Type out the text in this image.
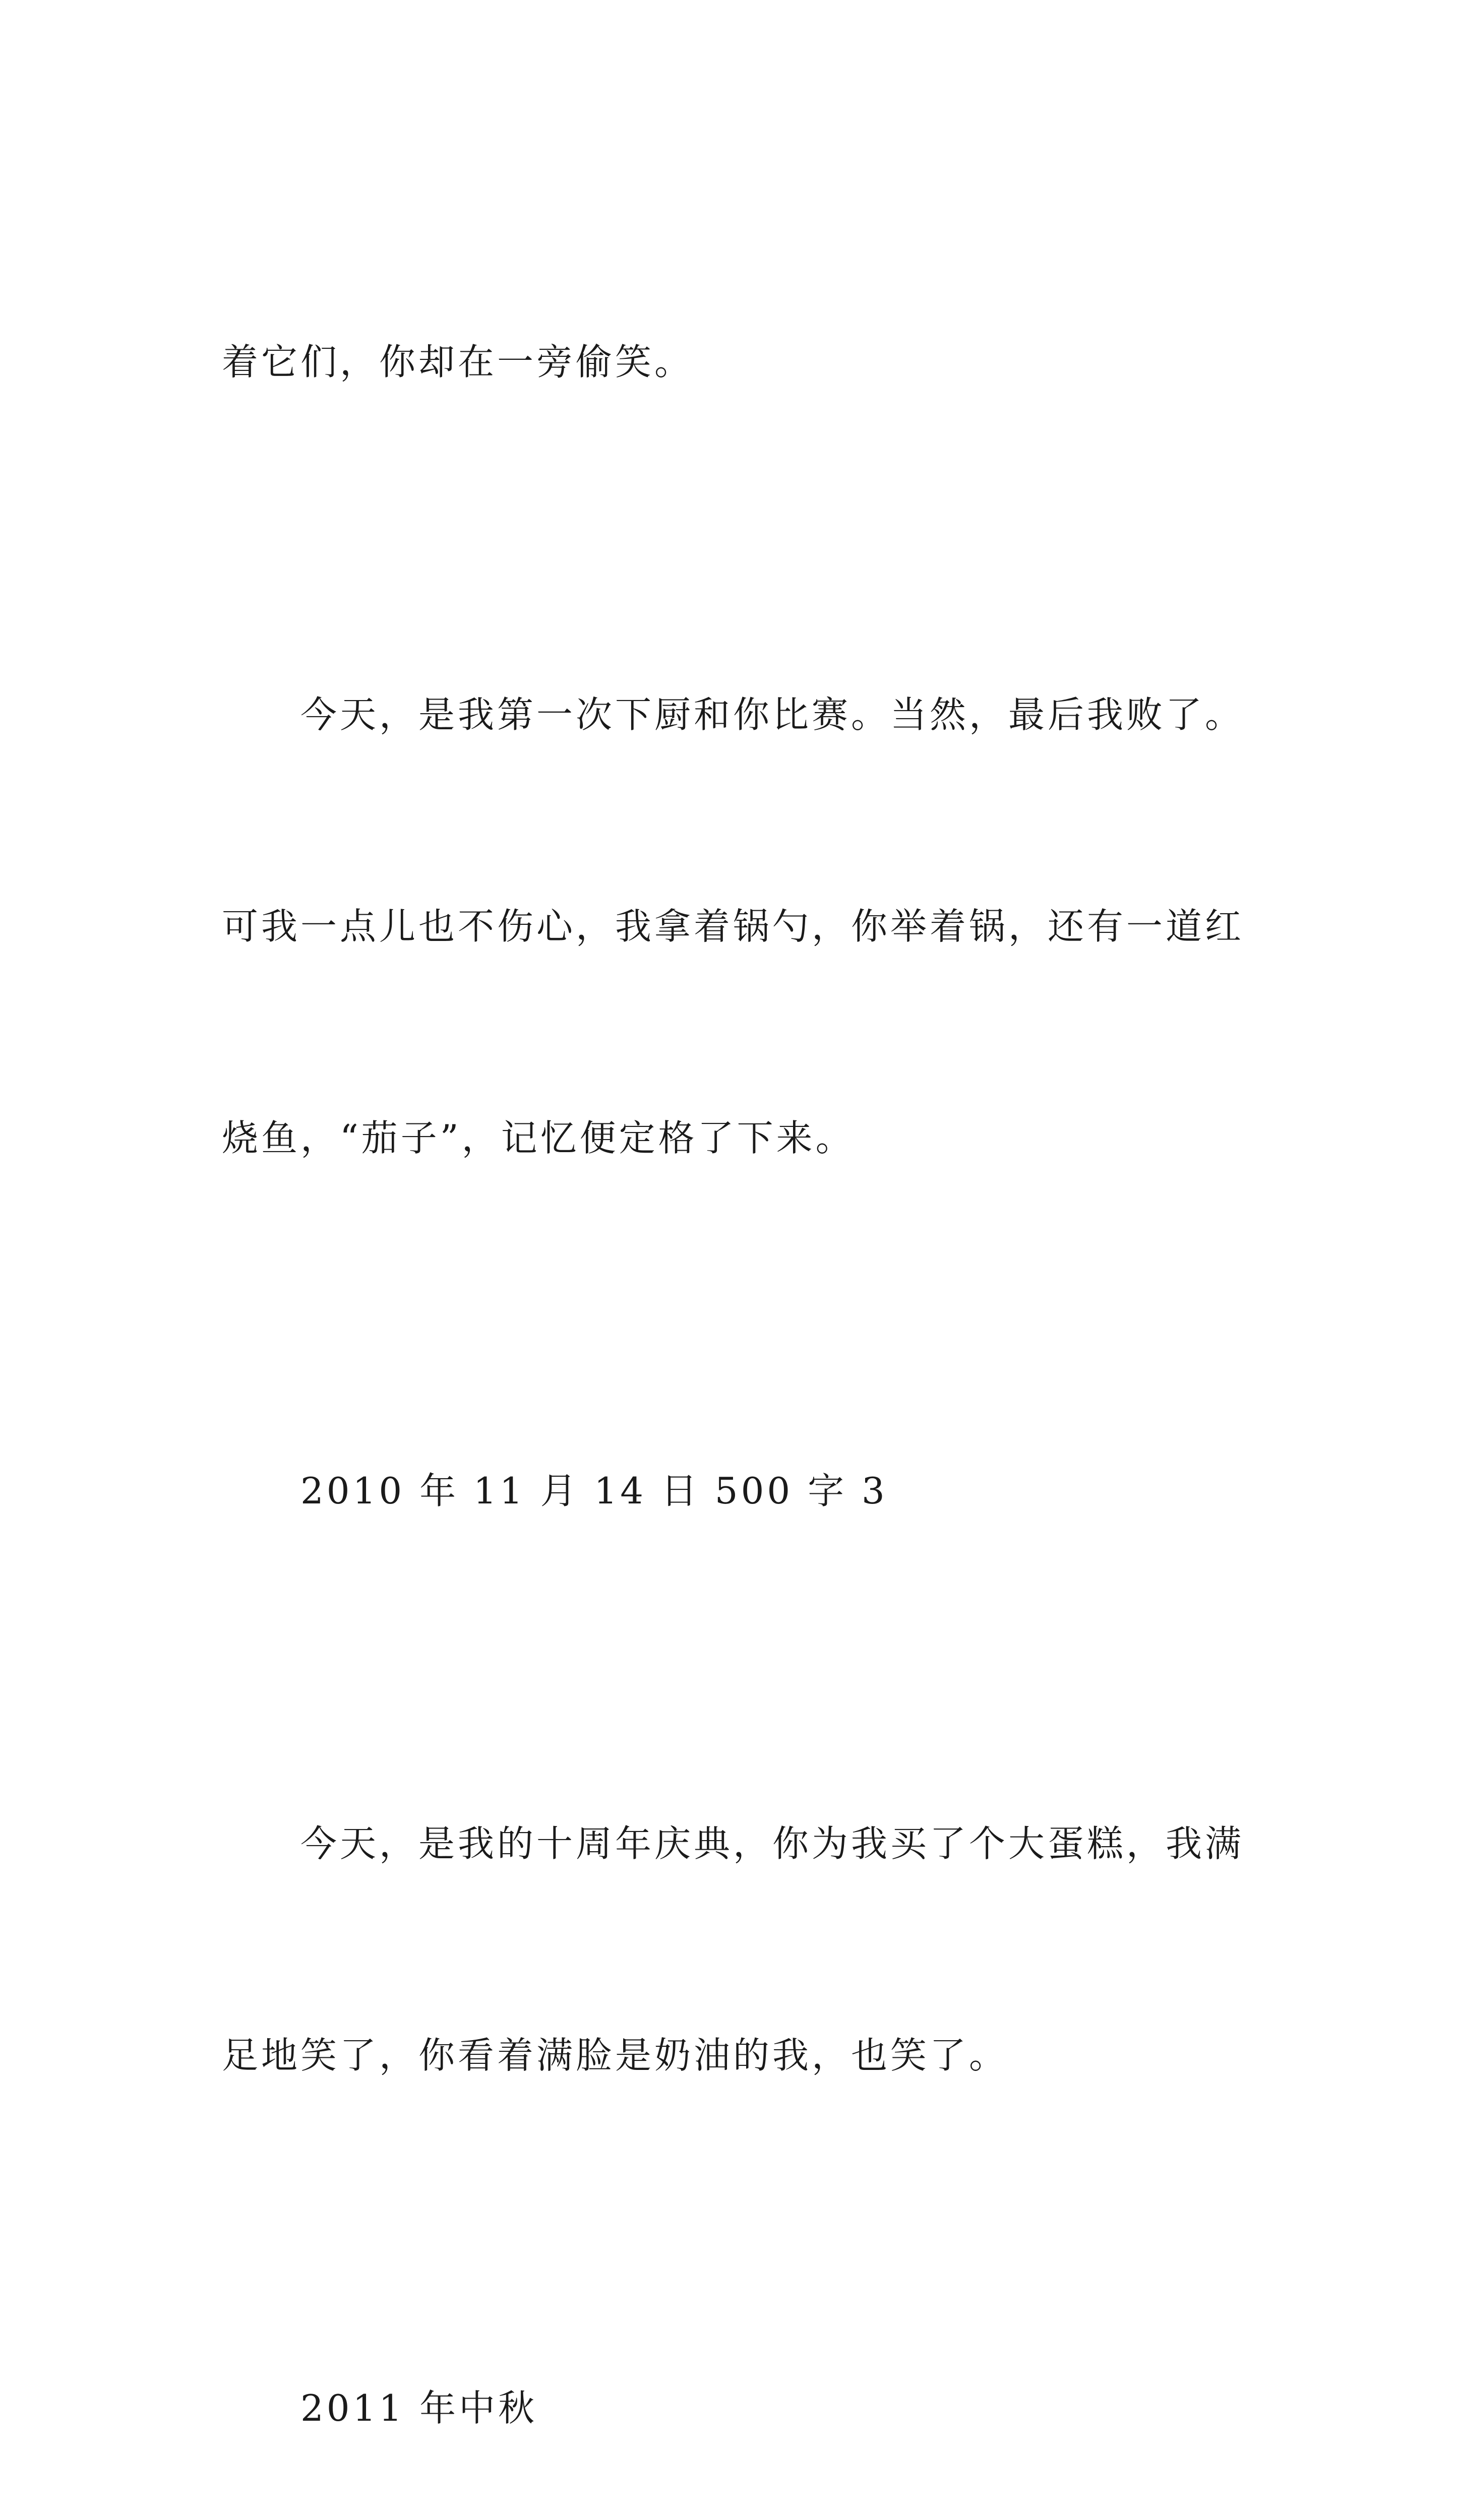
着它们，你却在一旁偷笑。

　　今天，是我第一次下厨和你比赛。当然，最后我败了。

可我一点儿也不伤心，我拿着锅勺，你举着锅，还有一道红

烧鱼，“茄子”，记忆便定格了下来。

　　2010 年 11 月 14 日 500 字 3

　　今天，是我的十周年庆典，你为我买了个大蛋糕，我满

足地笑了，你看着满脸是奶油的我，也笑了。

　　2011 年中秋
